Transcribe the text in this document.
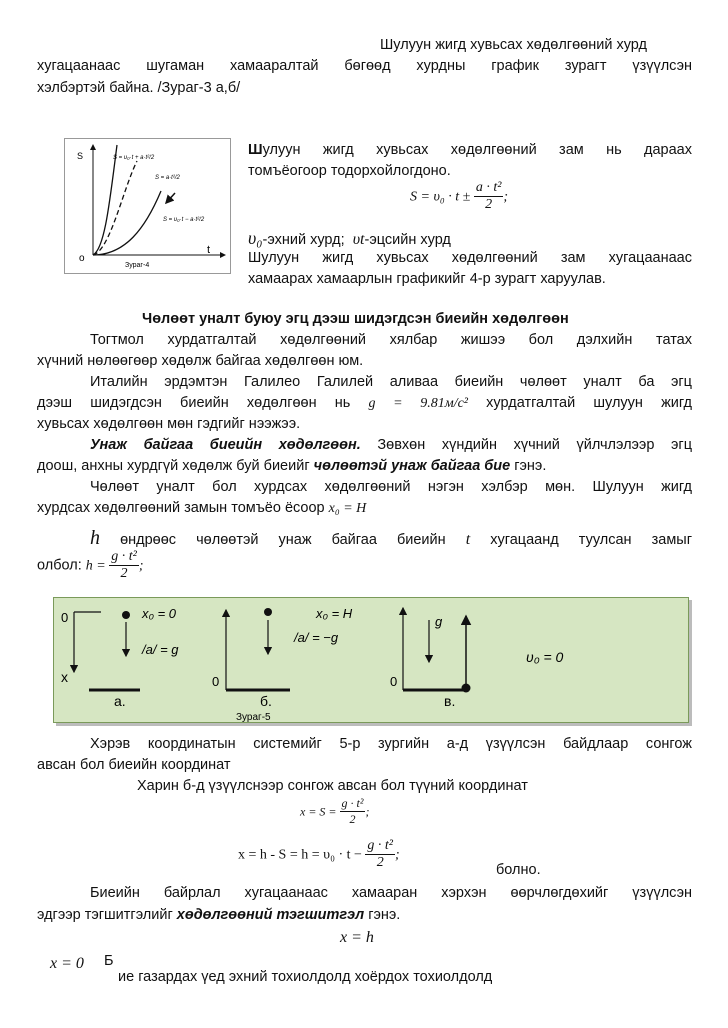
Шулуун жигд хувьсах хөдөлгөөний хурд
хугацаанаас шугаман хамааралтай бөгөөд хурдны график зурагт үзүүлсэн
хэлбэртэй байна. /Зураг-3 а,б/
S
t
o
Зураг-4
S = υ₀·t + a·t²/2
S = a·t²/2
S = υ₀·t − a·t²/2
Шулуун жигд хувьсах хөдөлгөөний зам нь дараах
томъёогоор тодорхойлогдоно.
$S = \upsilon_0 \cdot t \pm \frac{\text{a · t²}}{2}$ ;
υ₀-эхний хурд; υt-эцсийн хурд
Шулуун жигд хувьсах хөдөлгөөний зам хугацаанаас
хамаарах хамаарлын графикийг 4-р зурагт харуулав.
Чөлөөт уналт буюу эгц дээш шидэгдсэн биеийн хөдөлгөөн
Тогтмол хурдатгалтай хөдөлгөөний хялбар жишээ бол дэлхийн татах
хүчний нөлөөгөөр хөдөлж байгаа хөдөлгөөн юм.
Италийн эрдэмтэн Галилео Галилей аливаа биеийн чөлөөт уналт ба эгц
дээш шидэгдсэн биеийн хөдөлгөөн нь g = 9.81м/с² хурдатгалтай шулуун жигд
хувьсах хөдөлгөөн мөн гэдгийг нээжээ.
Унаж байгаа биеийн хөдөлгөөн. Зөвхөн хүндийн хүчний үйлчлэлээр эгц
доош, анхны хурдгүй хөдөлж буй биеийг чөлөөтэй унаж байгаа бие гэнэ.
Чөлөөт уналт бол хурдсах хөдөлгөөний нэгэн хэлбэр мөн. Шулуун жигд
хурдсах хөдөлгөөний замын томъёо ёсоор x₀ = H
h өндрөөс чөлөөтэй унаж байгаа биеийн t хугацаанд туулсан замыг
олбол: $h = \frac{\text{g · t²}}{2}$ ;
0
x
x₀ = 0
/a/ = g
а.
0
x₀ = H
/a/ = −g
б.
Зураг-5
0
g
υ₀ = 0
в.
Хэрэв координатын системийг 5-р зургийн а-д үзүүлсэн байдлаар сонгож
авсан бол биеийн координат
Харин б-д үзүүлснээр сонгож авсан бол түүний координат
$x = S = \frac{\text{g · t²}}{2}$ ;
$x = h - S = h = \upsilon_0 \cdot t - \frac{\text{g · t²}}{2}$ ;
болно.
Биеийн байрлал хугацаанаас хамааран хэрхэн өөрчлөгдөхийг үзүүлсэн
эдгээр тэгшитгэлийг хөдөлгөөний тэгшитгэл гэнэ.
x = h
x = 0 Б
ие газардах үед эхний тохиолдолд хоёрдох тохиолдолд
